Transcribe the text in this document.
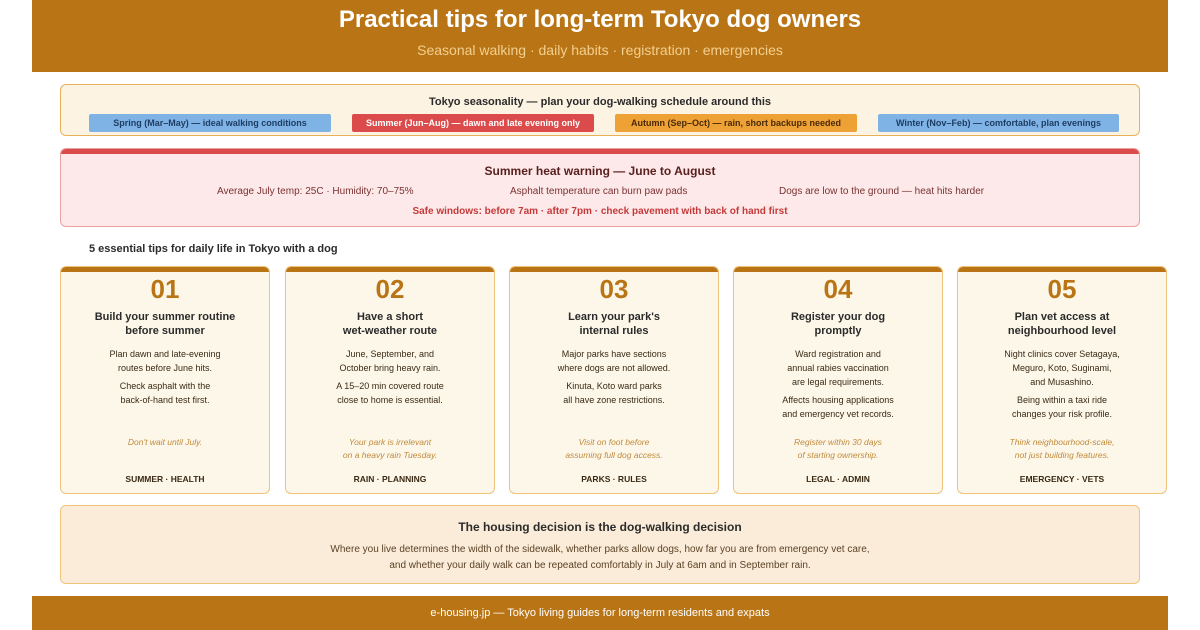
Practical tips for long-term Tokyo dog owners
Seasonal walking · daily habits · registration · emergencies
Tokyo seasonality — plan your dog-walking schedule around this
Spring (Mar–May) — ideal walking conditions	Summer (Jun–Aug) — dawn and late evening only	Autumn (Sep–Oct) — rain, short backups needed	Winter (Nov–Feb) — comfortable, plan evenings
Summer heat warning — June to August
Average July temp: 25C · Humidity: 70–75%	Asphalt temperature can burn paw pads	Dogs are low to the ground — heat hits harder
Safe windows: before 7am · after 7pm · check pavement with back of hand first
5 essential tips for daily life in Tokyo with a dog
01
Build your summer routine
before summer

Plan dawn and late-evening
routes before June hits.

Check asphalt with the
back-of-hand test first.

Don't wait until July.
SUMMER · HEALTH
02
Have a short
wet-weather route

June, September, and
October bring heavy rain.

A 15–20 min covered route
close to home is essential.

Your park is irrelevant
on a heavy rain Tuesday.
RAIN · PLANNING
03
Learn your park's
internal rules

Major parks have sections
where dogs are not allowed.

Kinuta, Koto ward parks
all have zone restrictions.

Visit on foot before
assuming full dog access.
PARKS · RULES
04
Register your dog
promptly

Ward registration and
annual rabies vaccination
are legal requirements.

Affects housing applications
and emergency vet records.

Register within 30 days
of starting ownership.
LEGAL · ADMIN
05
Plan vet access at
neighbourhood level

Night clinics cover Setagaya,
Meguro, Koto, Suginami,
and Musashino.

Being within a taxi ride
changes your risk profile.

Think neighbourhood-scale,
not just building features.
EMERGENCY · VETS
The housing decision is the dog-walking decision
Where you live determines the width of the sidewalk, whether parks allow dogs, how far you are from emergency vet care,
and whether your daily walk can be repeated comfortably in July at 6am and in September rain.
e-housing.jp — Tokyo living guides for long-term residents and expats
